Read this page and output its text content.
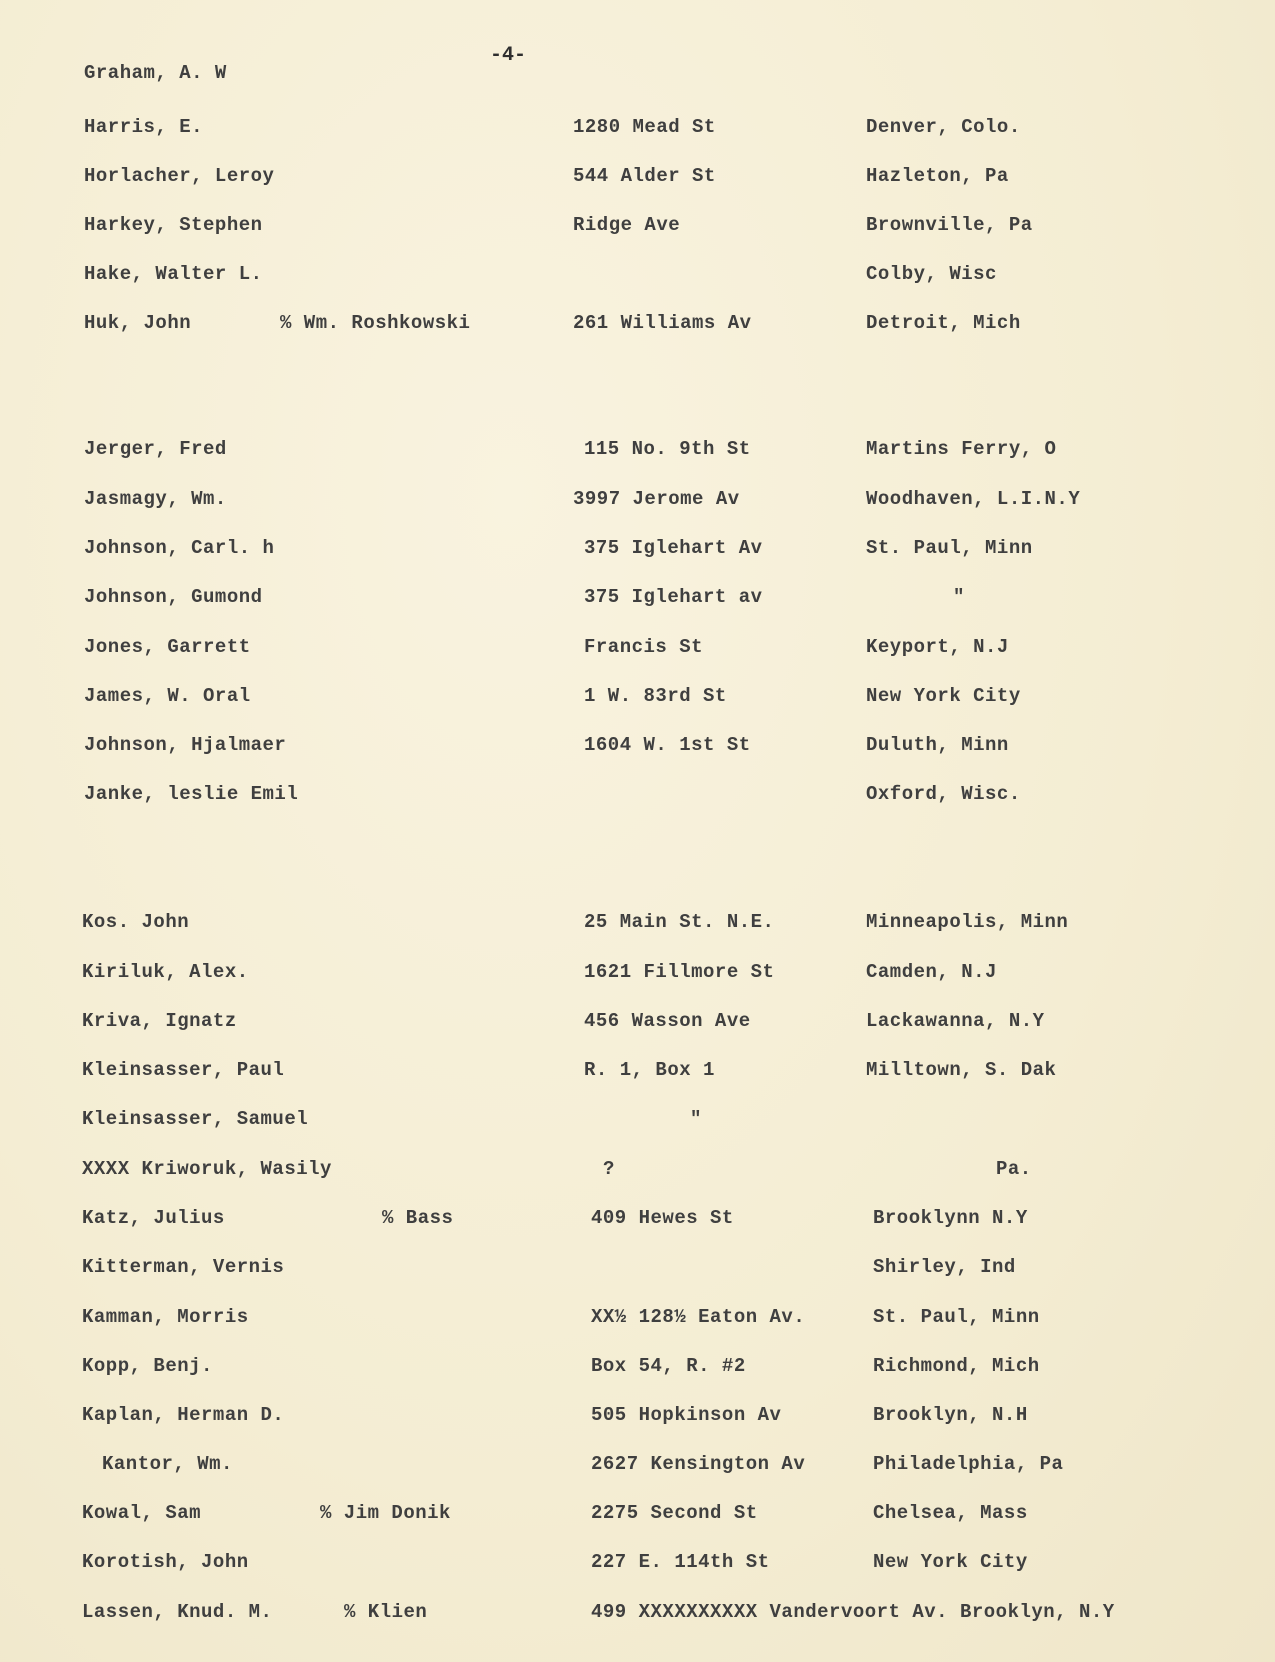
-4-
Graham, A. W
Harris, E.	1280 Mead St	Denver, Colo.
Horlacher, Leroy	544 Alder St	Hazleton, Pa
Harkey, Stephen	Ridge Ave	Brownville, Pa
Hake, Walter L.	Colby, Wisc
Huk, John	% Wm. Roshkowski	261 Williams Av	Detroit, Mich
Jerger, Fred	115 No. 9th St	Martins Ferry, O
Jasmagy, Wm.	3997 Jerome Av	Woodhaven, L.I.N.Y
Johnson, Carl. h	375 Iglehart Av	St. Paul, Minn
Johnson, Gumond	375 Iglehart av	"
Jones, Garrett	Francis St	Keyport, N.J
James, W. Oral	1 W. 83rd St	New York City
Johnson, Hjalmaer	1604 W. 1st St	Duluth, Minn
Janke, leslie Emil	Oxford, Wisc.
Kos. John	25 Main St. N.E.	Minneapolis, Minn
Kiriluk, Alex.	1621 Fillmore St	Camden, N.J
Kriva, Ignatz	456 Wasson Ave	Lackawanna, N.Y
Kleinsasser, Paul	R. 1, Box 1	Milltown, S. Dak
Kleinsasser, Samuel	"
XXXX Kriworuk, Wasily	?	Pa.
Katz, Julius	% Bass	409 Hewes St	Brooklynn N.Y
Kitterman, Vernis	Shirley, Ind
Kamman, Morris	XX½ 128½ Eaton Av.	St. Paul, Minn
Kopp, Benj.	Box 54, R. #2	Richmond, Mich
Kaplan, Herman D.	505 Hopkinson Av	Brooklyn, N.H
Kantor, Wm.	2627 Kensington Av	Philadelphia, Pa
Kowal, Sam	% Jim Donik	2275 Second St	Chelsea, Mass
Korotish, John	227 E. 114th St	New York City
Lassen, Knud. M.	% Klien	499 XXXXXXXXXX Vandervoort Av. Brooklyn, N.Y
